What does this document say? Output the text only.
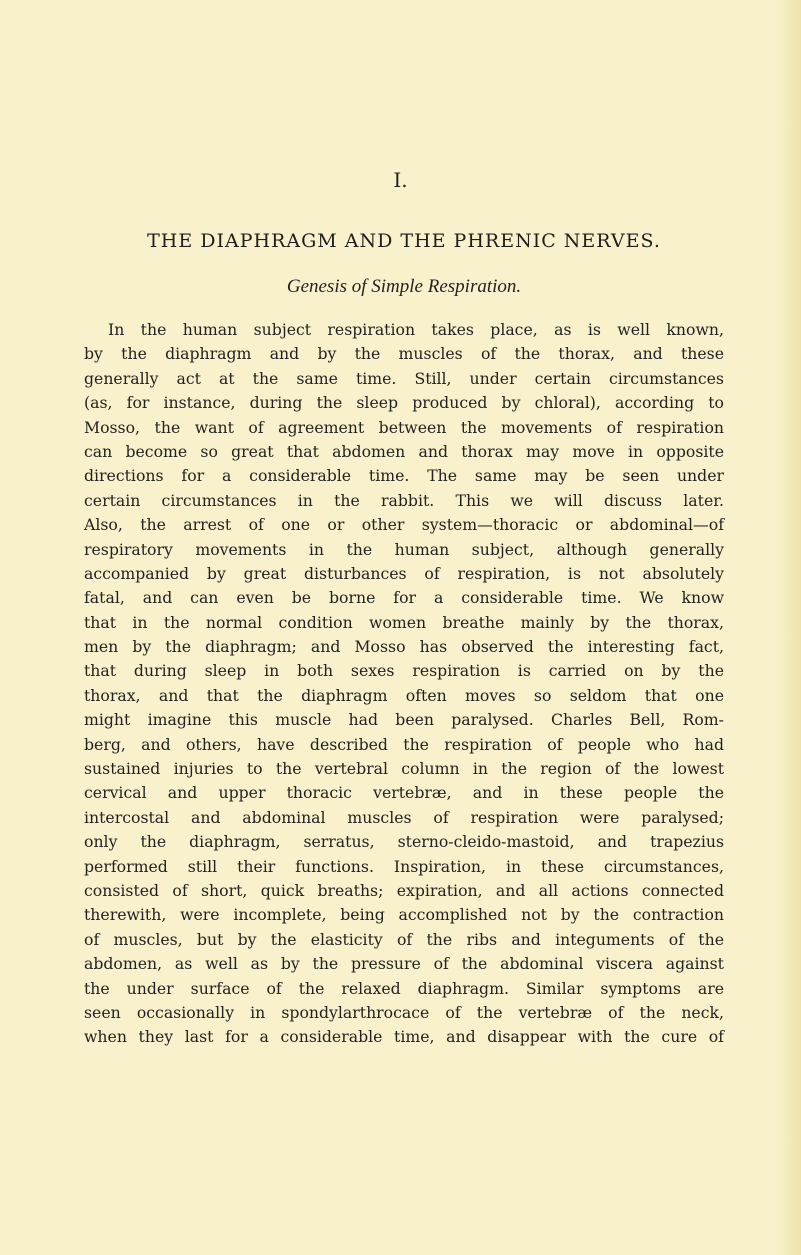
I.
THE DIAPHRAGM AND THE PHRENIC NERVES.
Genesis of Simple Respiration.
In the human subject respiration takes place, as is well known,
by the diaphragm and by the muscles of the thorax, and these
generally act at the same time. Still, under certain circumstances
(as, for instance, during the sleep produced by chloral), according to
Mosso, the want of agreement between the movements of respiration
can become so great that abdomen and thorax may move in opposite
directions for a considerable time. The same may be seen under
certain circumstances in the rabbit. This we will discuss later.
Also, the arrest of one or other system—thoracic or abdominal—of
respiratory movements in the human subject, although generally
accompanied by great disturbances of respiration, is not absolutely
fatal, and can even be borne for a considerable time. We know
that in the normal condition women breathe mainly by the thorax,
men by the diaphragm; and Mosso has observed the interesting fact,
that during sleep in both sexes respiration is carried on by the
thorax, and that the diaphragm often moves so seldom that one
might imagine this muscle had been paralysed. Charles Bell, Rom-
berg, and others, have described the respiration of people who had
sustained injuries to the vertebral column in the region of the lowest
cervical and upper thoracic vertebræ, and in these people the
intercostal and abdominal muscles of respiration were paralysed;
only the diaphragm, serratus, sterno-cleido-mastoid, and trapezius
performed still their functions. Inspiration, in these circumstances,
consisted of short, quick breaths; expiration, and all actions connected
therewith, were incomplete, being accomplished not by the contraction
of muscles, but by the elasticity of the ribs and integuments of the
abdomen, as well as by the pressure of the abdominal viscera against
the under surface of the relaxed diaphragm. Similar symptoms are
seen occasionally in spondylarthrocace of the vertebræ of the neck,
when they last for a considerable time, and disappear with the cure of
